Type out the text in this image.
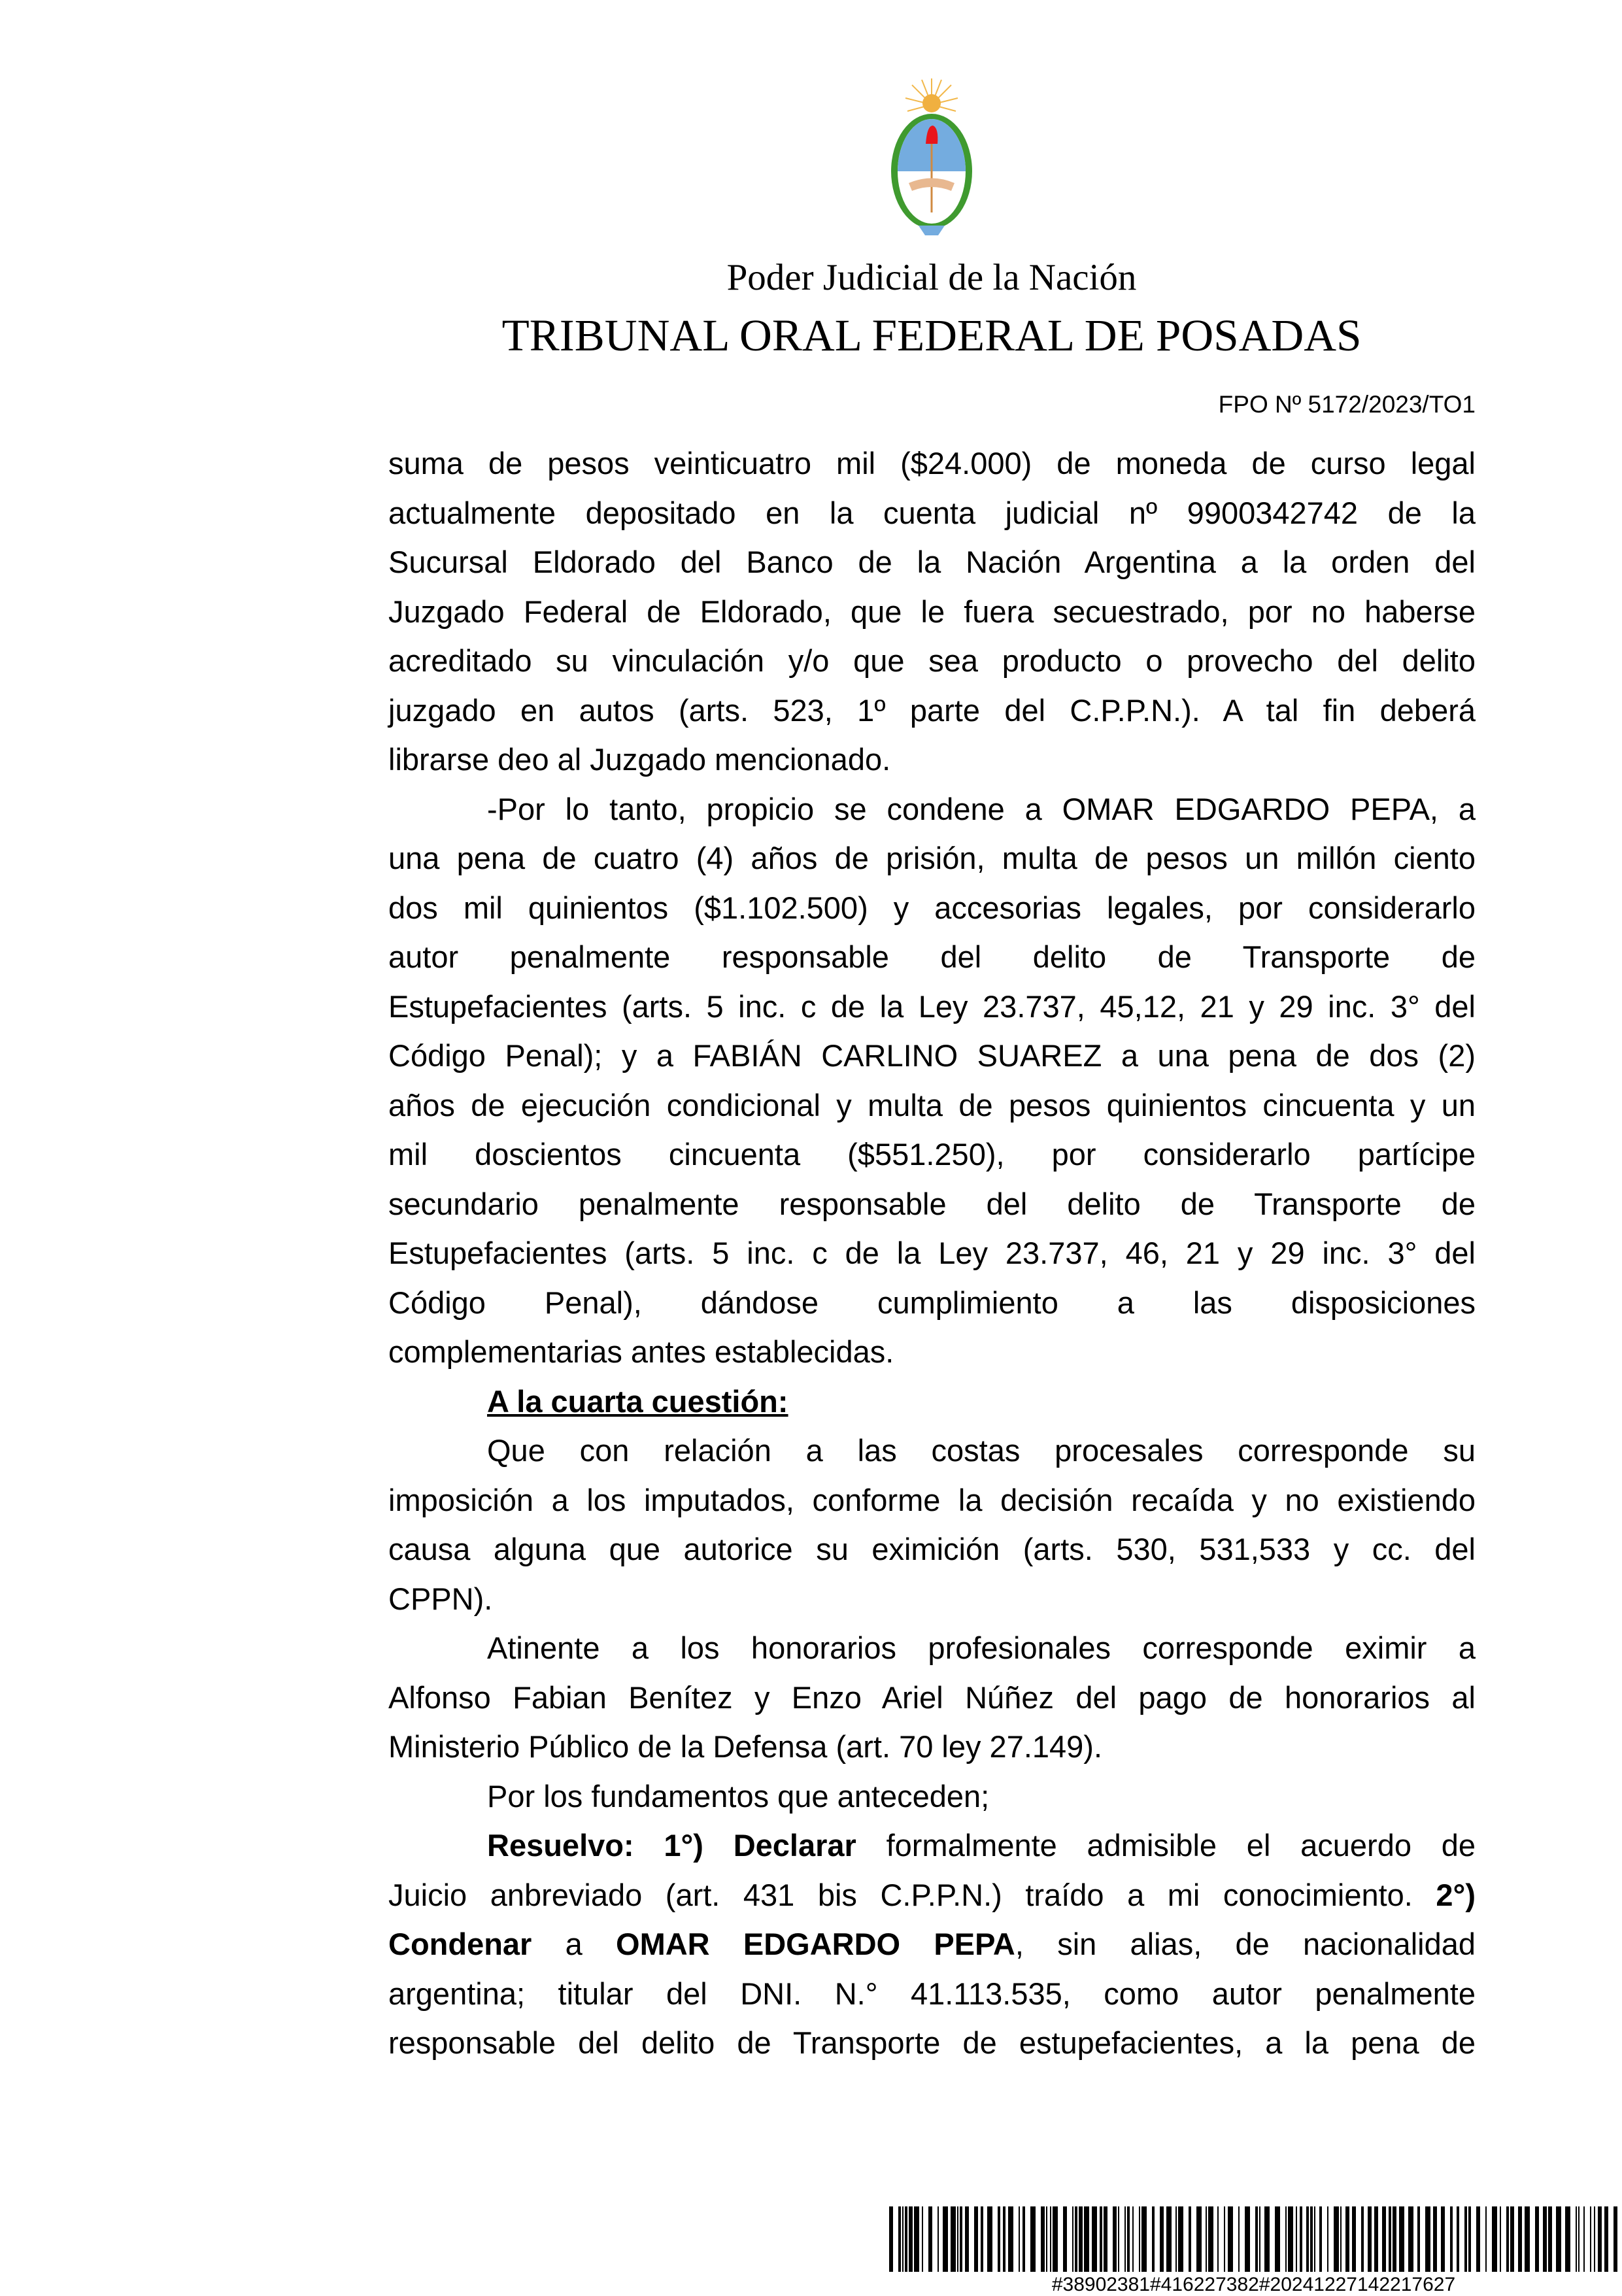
Poder Judicial de la Nación
TRIBUNAL ORAL FEDERAL DE POSADAS
FPO Nº 5172/2023/TO1
suma de pesos veinticuatro mil ($24.000) de moneda de curso legal
actualmente depositado en la cuenta judicial nº 9900342742 de la
Sucursal Eldorado del Banco de la Nación Argentina a la orden del
Juzgado Federal de Eldorado, que le fuera secuestrado, por no haberse
acreditado su vinculación y/o que sea producto o provecho del delito
juzgado en autos (arts. 523, 1º parte del C.P.P.N.). A tal fin deberá
librarse deo al Juzgado mencionado.
-Por lo tanto, propicio se condene a OMAR EDGARDO PEPA, a
una pena de cuatro (4) años de prisión, multa de pesos un millón ciento
dos mil quinientos ($1.102.500) y accesorias legales, por considerarlo
autor penalmente responsable del delito de Transporte de
Estupefacientes (arts. 5 inc. c de la Ley 23.737, 45,12, 21 y 29 inc. 3° del
Código Penal); y a FABIÁN CARLINO SUAREZ a una pena de dos (2)
años de ejecución condicional y multa de pesos quinientos cincuenta y un
mil doscientos cincuenta ($551.250), por considerarlo partícipe
secundario penalmente responsable del delito de Transporte de
Estupefacientes (arts. 5 inc. c de la Ley 23.737, 46, 21 y 29 inc. 3° del
Código Penal), dándose cumplimiento a las disposiciones
complementarias antes establecidas.
A la cuarta cuestión:
Que con relación a las costas procesales corresponde su
imposición a los imputados, conforme la decisión recaída y no existiendo
causa alguna que autorice su eximición (arts. 530, 531,533 y cc. del
CPPN).
Atinente a los honorarios profesionales corresponde eximir a
Alfonso Fabian Benítez y Enzo Ariel Núñez del pago de honorarios al
Ministerio Público de la Defensa (art. 70 ley 27.149).
Por los fundamentos que anteceden;
Resuelvo: 1°) Declarar formalmente admisible el acuerdo de
Juicio anbreviado (art. 431 bis C.P.P.N.) traído a mi conocimiento. 2°)
Condenar a OMAR EDGARDO PEPA, sin alias, de nacionalidad
argentina; titular del DNI. N.° 41.113.535, como autor penalmente
responsable del delito de Transporte de estupefacientes, a la pena de
#38902381#416227382#20241227142217627
